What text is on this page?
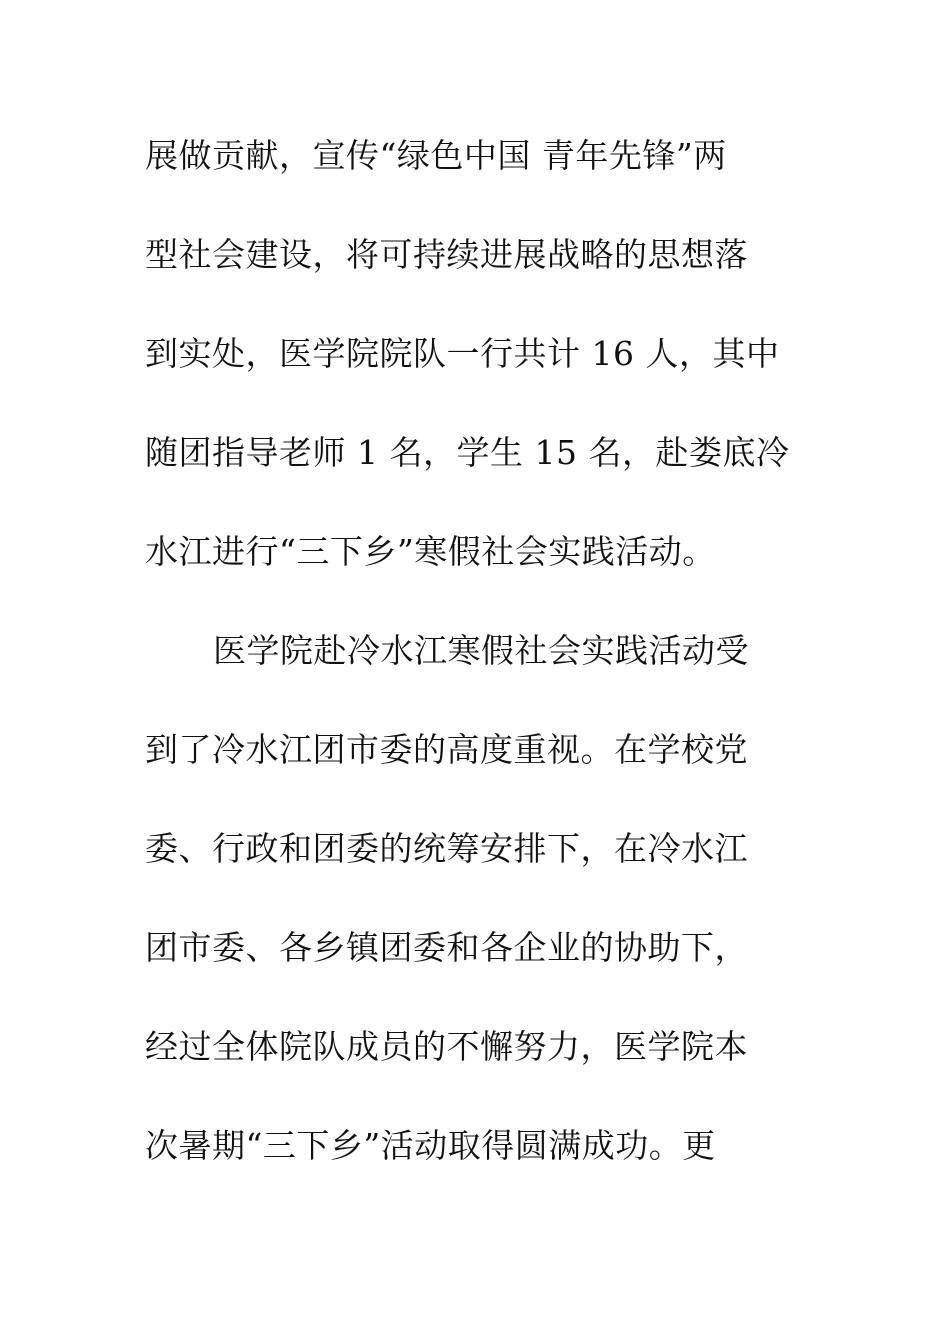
展做贡献，宣传“绿色中国 青年先锋”两
型社会建设，将可持续进展战略的思想落
到实处，医学院院队一行共计 16 人，其中
随团指导老师 1 名，学生 15 名，赴娄底冷
水江进行“三下乡”寒假社会实践活动。
医学院赴冷水江寒假社会实践活动受
到了冷水江团市委的高度重视。在学校党
委、行政和团委的统筹安排下，在冷水江
团市委、各乡镇团委和各企业的协助下，
经过全体院队成员的不懈努力，医学院本
次暑期“三下乡”活动取得圆满成功。更
